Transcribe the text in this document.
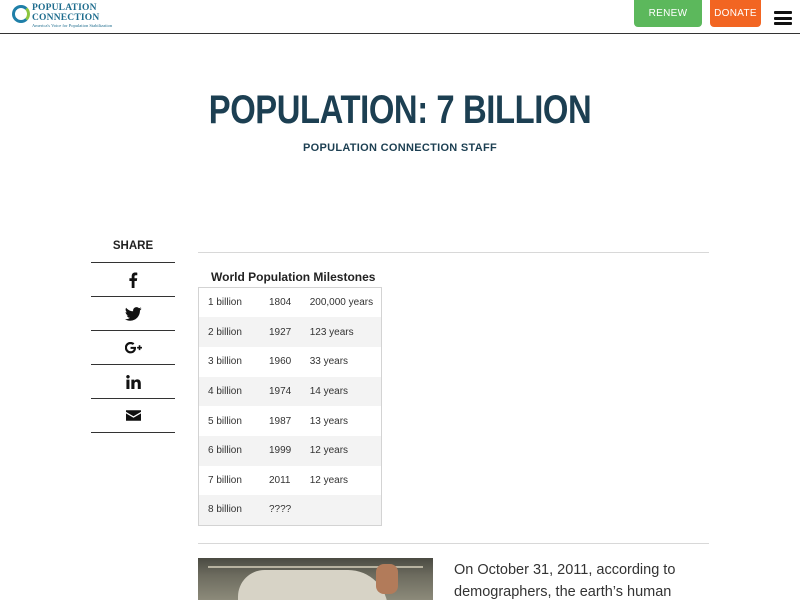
POPULATION
CONNECTION
America's Voice for Population Stabilization
RENEW	DONATE
POPULATION: 7 BILLION
POPULATION CONNECTION STAFF
SHARE
World Population Milestones
1 billion	1804	200,000 years
2 billion	1927	123 years
3 billion	1960	33 years
4 billion	1974	14 years
5 billion	1987	13 years
6 billion	1999	12 years
7 billion	2011	12 years
8 billion	????	

On October 31, 2011, according to demographers, the earth’s human
